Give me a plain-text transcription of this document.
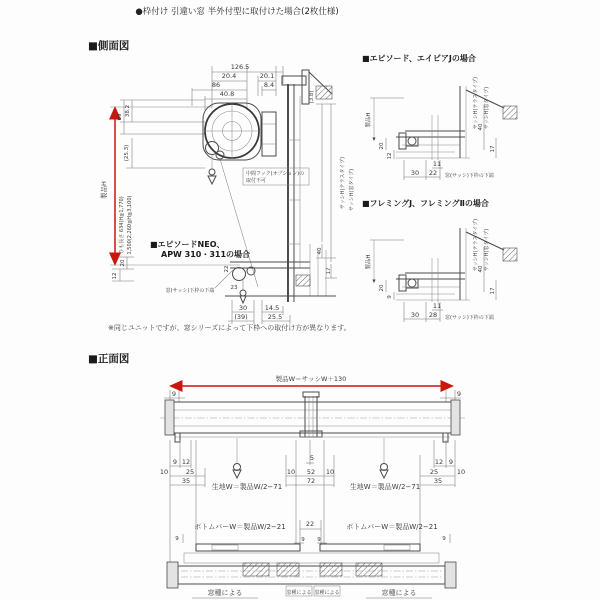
●枠付け 引違い窓 半外付型に取付けた場合(2枚仕様)
■側面図
126.5
20.4
86
40.8
20.1
8.4
(3.8)
製品H
ひも長さ 634(H≦1,770) 1,500(2,260≦H≦3,100)
38.2
69
(25.3)
20
12
40
17
サッシH(テラスタイプ) サッシH(窓タイプ)
中間フック(オプション)の
取付不可
■エピソードNEO、
APW 310・311の場合
窓(サッシ)下枠の下端
22
23
30
(39)
14.5
25.5
■エピソード、エイビアJの場合
製品H
20
12
40
17
サッシH(テラスタイプ) サッシH(窓タイプ)
30 22
11
窓(サッシ)下枠の下端
■フレミングJ、フレミングⅡの場合
製品H
20
9
40
17
サッシH(テラスタイプ) サッシH(窓タイプ)
30 28
11
窓(サッシ)下枠の下端
※同じユニットですが、窓シリーズによって下枠への取付け方が異なります。
■正面図
製品W＝サッシW＋130
9	9
9 12
10	25
35
5
10 52 10
72
12 9
25	10
35
生地W＝製品W/2−71	生地W＝製品W/2−71
ボトムバーW＝製品W/2−21	ボトムバーW＝製品W/2−21
22
9 9
9	9
窓種による	窓種による 窓種による	窓種による
